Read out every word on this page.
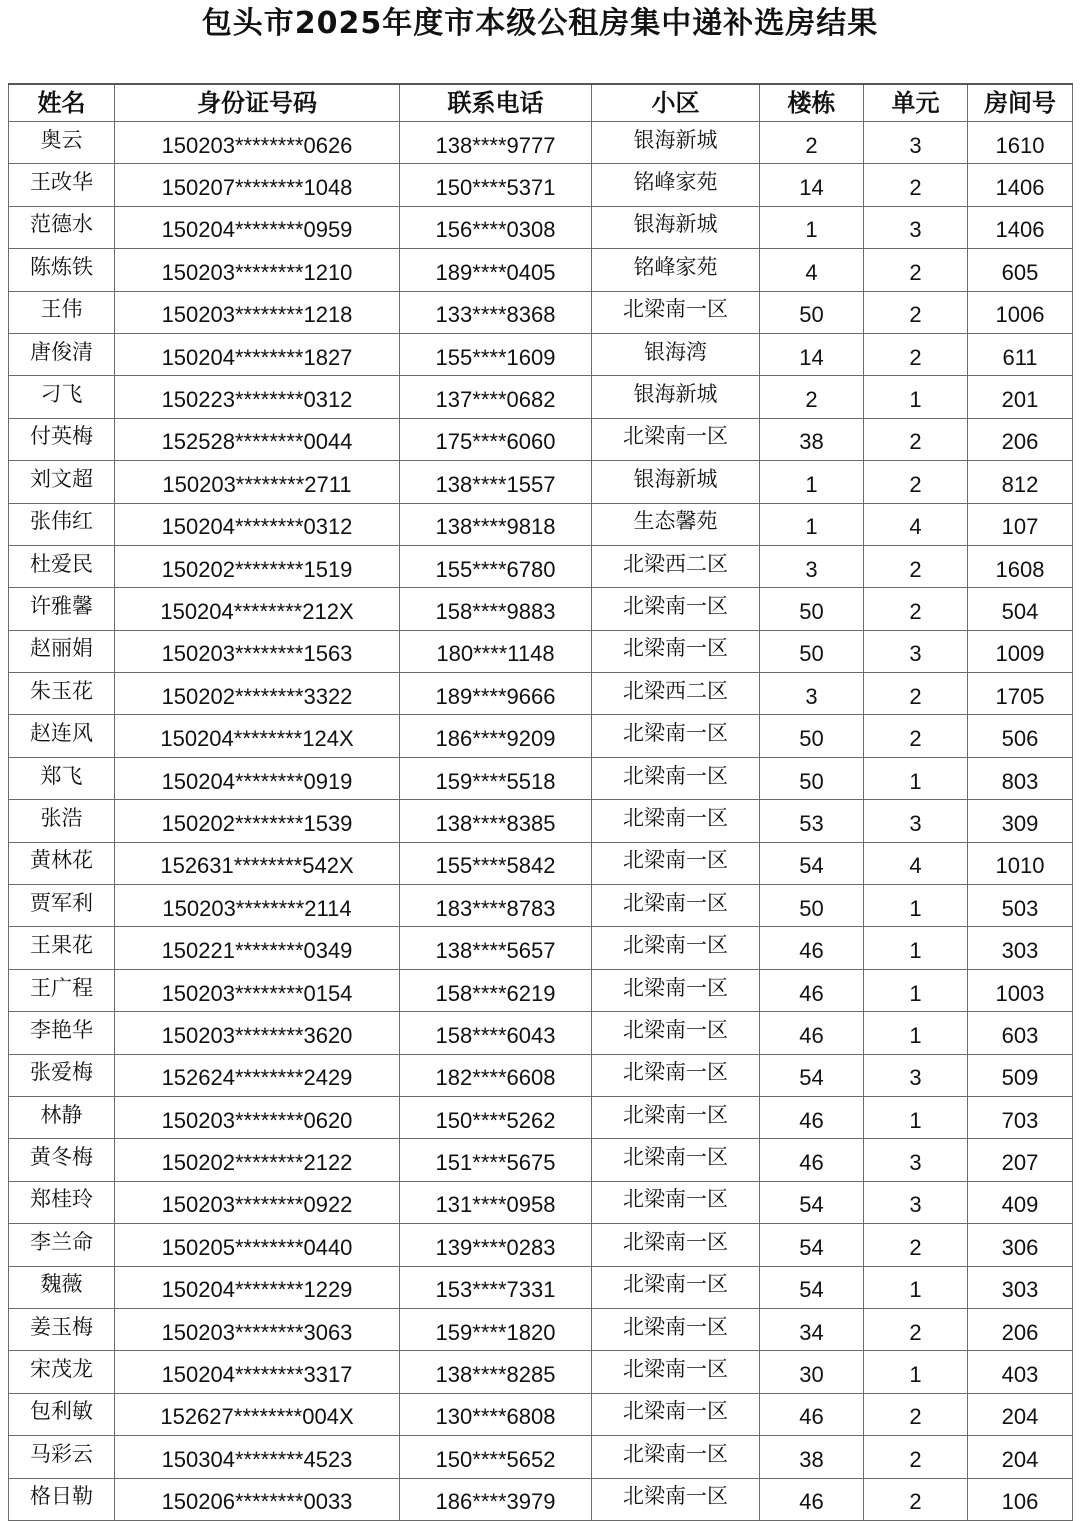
包头市2025年度市本级公租房集中递补选房结果
姓名	身份证号码	联系电话	小区	楼栋	单元	房间号
奥云	150203********0626	138****9777	银海新城	2	3	1610
王改华	150207********1048	150****5371	铭峰家苑	14	2	1406
范德水	150204********0959	156****0308	银海新城	1	3	1406
陈炼铁	150203********1210	189****0405	铭峰家苑	4	2	605
王伟	150203********1218	133****8368	北梁南一区	50	2	1006
唐俊清	150204********1827	155****1609	银海湾	14	2	611
刁飞	150223********0312	137****0682	银海新城	2	1	201
付英梅	152528********0044	175****6060	北梁南一区	38	2	206
刘文超	150203********2711	138****1557	银海新城	1	2	812
张伟红	150204********0312	138****9818	生态馨苑	1	4	107
杜爱民	150202********1519	155****6780	北梁西二区	3	2	1608
许雅馨	150204********212X	158****9883	北梁南一区	50	2	504
赵丽娟	150203********1563	180****1148	北梁南一区	50	3	1009
朱玉花	150202********3322	189****9666	北梁西二区	3	2	1705
赵连风	150204********124X	186****9209	北梁南一区	50	2	506
郑飞	150204********0919	159****5518	北梁南一区	50	1	803
张浩	150202********1539	138****8385	北梁南一区	53	3	309
黄林花	152631********542X	155****5842	北梁南一区	54	4	1010
贾军利	150203********2114	183****8783	北梁南一区	50	1	503
王果花	150221********0349	138****5657	北梁南一区	46	1	303
王广程	150203********0154	158****6219	北梁南一区	46	1	1003
李艳华	150203********3620	158****6043	北梁南一区	46	1	603
张爱梅	152624********2429	182****6608	北梁南一区	54	3	509
林静	150203********0620	150****5262	北梁南一区	46	1	703
黄冬梅	150202********2122	151****5675	北梁南一区	46	3	207
郑桂玲	150203********0922	131****0958	北梁南一区	54	3	409
李兰命	150205********0440	139****0283	北梁南一区	54	2	306
魏薇	150204********1229	153****7331	北梁南一区	54	1	303
姜玉梅	150203********3063	159****1820	北梁南一区	34	2	206
宋茂龙	150204********3317	138****8285	北梁南一区	30	1	403
包利敏	152627********004X	130****6808	北梁南一区	46	2	204
马彩云	150304********4523	150****5652	北梁南一区	38	2	204
格日勒	150206********0033	186****3979	北梁南一区	46	2	106
